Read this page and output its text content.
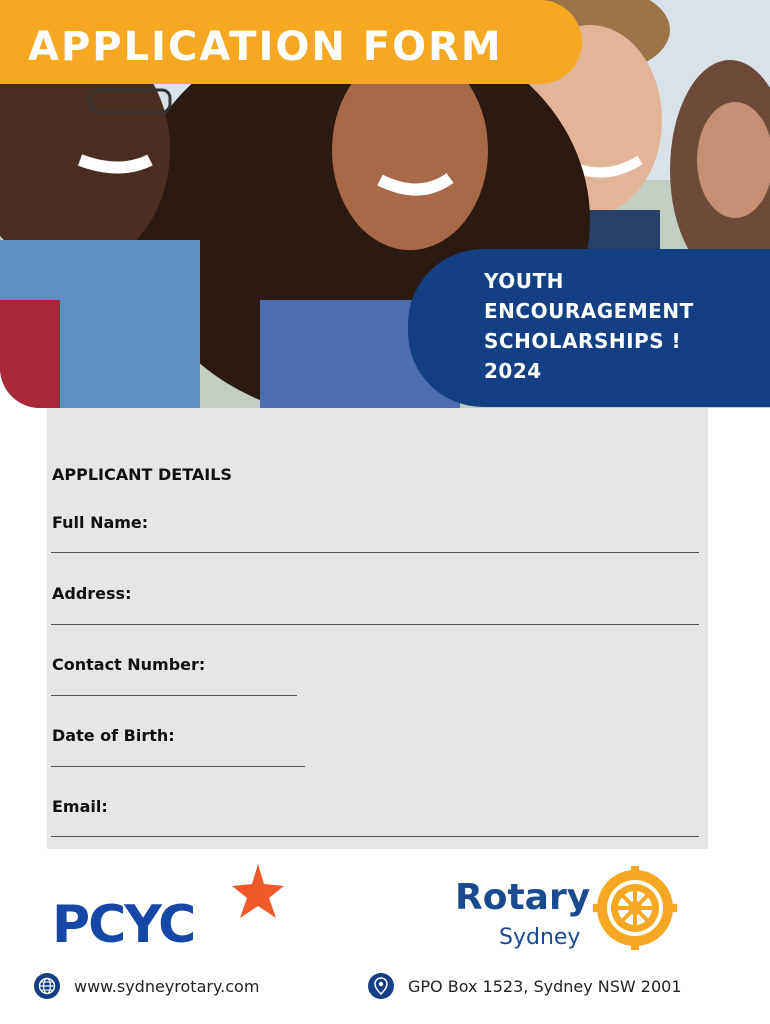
APPLICATION FORM
YOUTH
ENCOURAGEMENT
SCHOLARSHIPS !
2024
APPLICANT DETAILS
Full Name:
Address:
Contact Number:
Date of Birth:
Email:
PCYC	Rotary
Sydney
www.sydneyrotary.com	GPO Box 1523, Sydney NSW 2001
